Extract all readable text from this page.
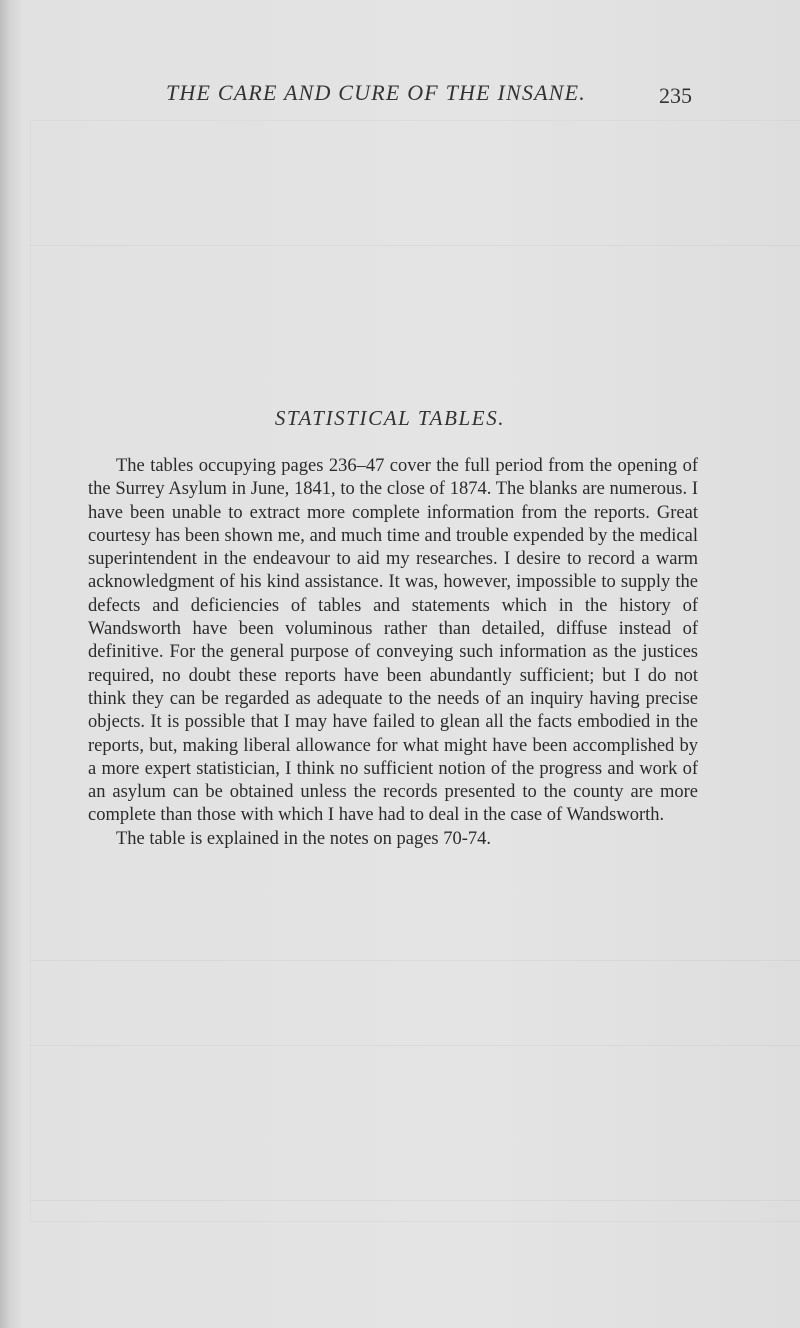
THE CARE AND CURE OF THE INSANE.	235
STATISTICAL TABLES.

The tables occupying pages 236–47 cover the full period from the opening of the Surrey Asylum in June, 1841, to the close of 1874. The blanks are numerous. I have been unable to extract more complete information from the reports. Great courtesy has been shown me, and much time and trouble expended by the medical superintendent in the endeavour to aid my researches. I desire to record a warm acknowledgment of his kind assistance. It was, however, impossible to supply the defects and deficiencies of tables and statements which in the history of Wandsworth have been voluminous rather than detailed, diffuse instead of definitive. For the general purpose of conveying such information as the justices required, no doubt these reports have been abundantly sufficient; but I do not think they can be regarded as adequate to the needs of an inquiry having precise objects. It is possible that I may have failed to glean all the facts embodied in the reports, but, making liberal allowance for what might have been accomplished by a more expert statistician, I think no sufficient notion of the progress and work of an asylum can be obtained unless the records presented to the county are more complete than those with which I have had to deal in the case of Wandsworth.

The table is explained in the notes on pages 70-74.
